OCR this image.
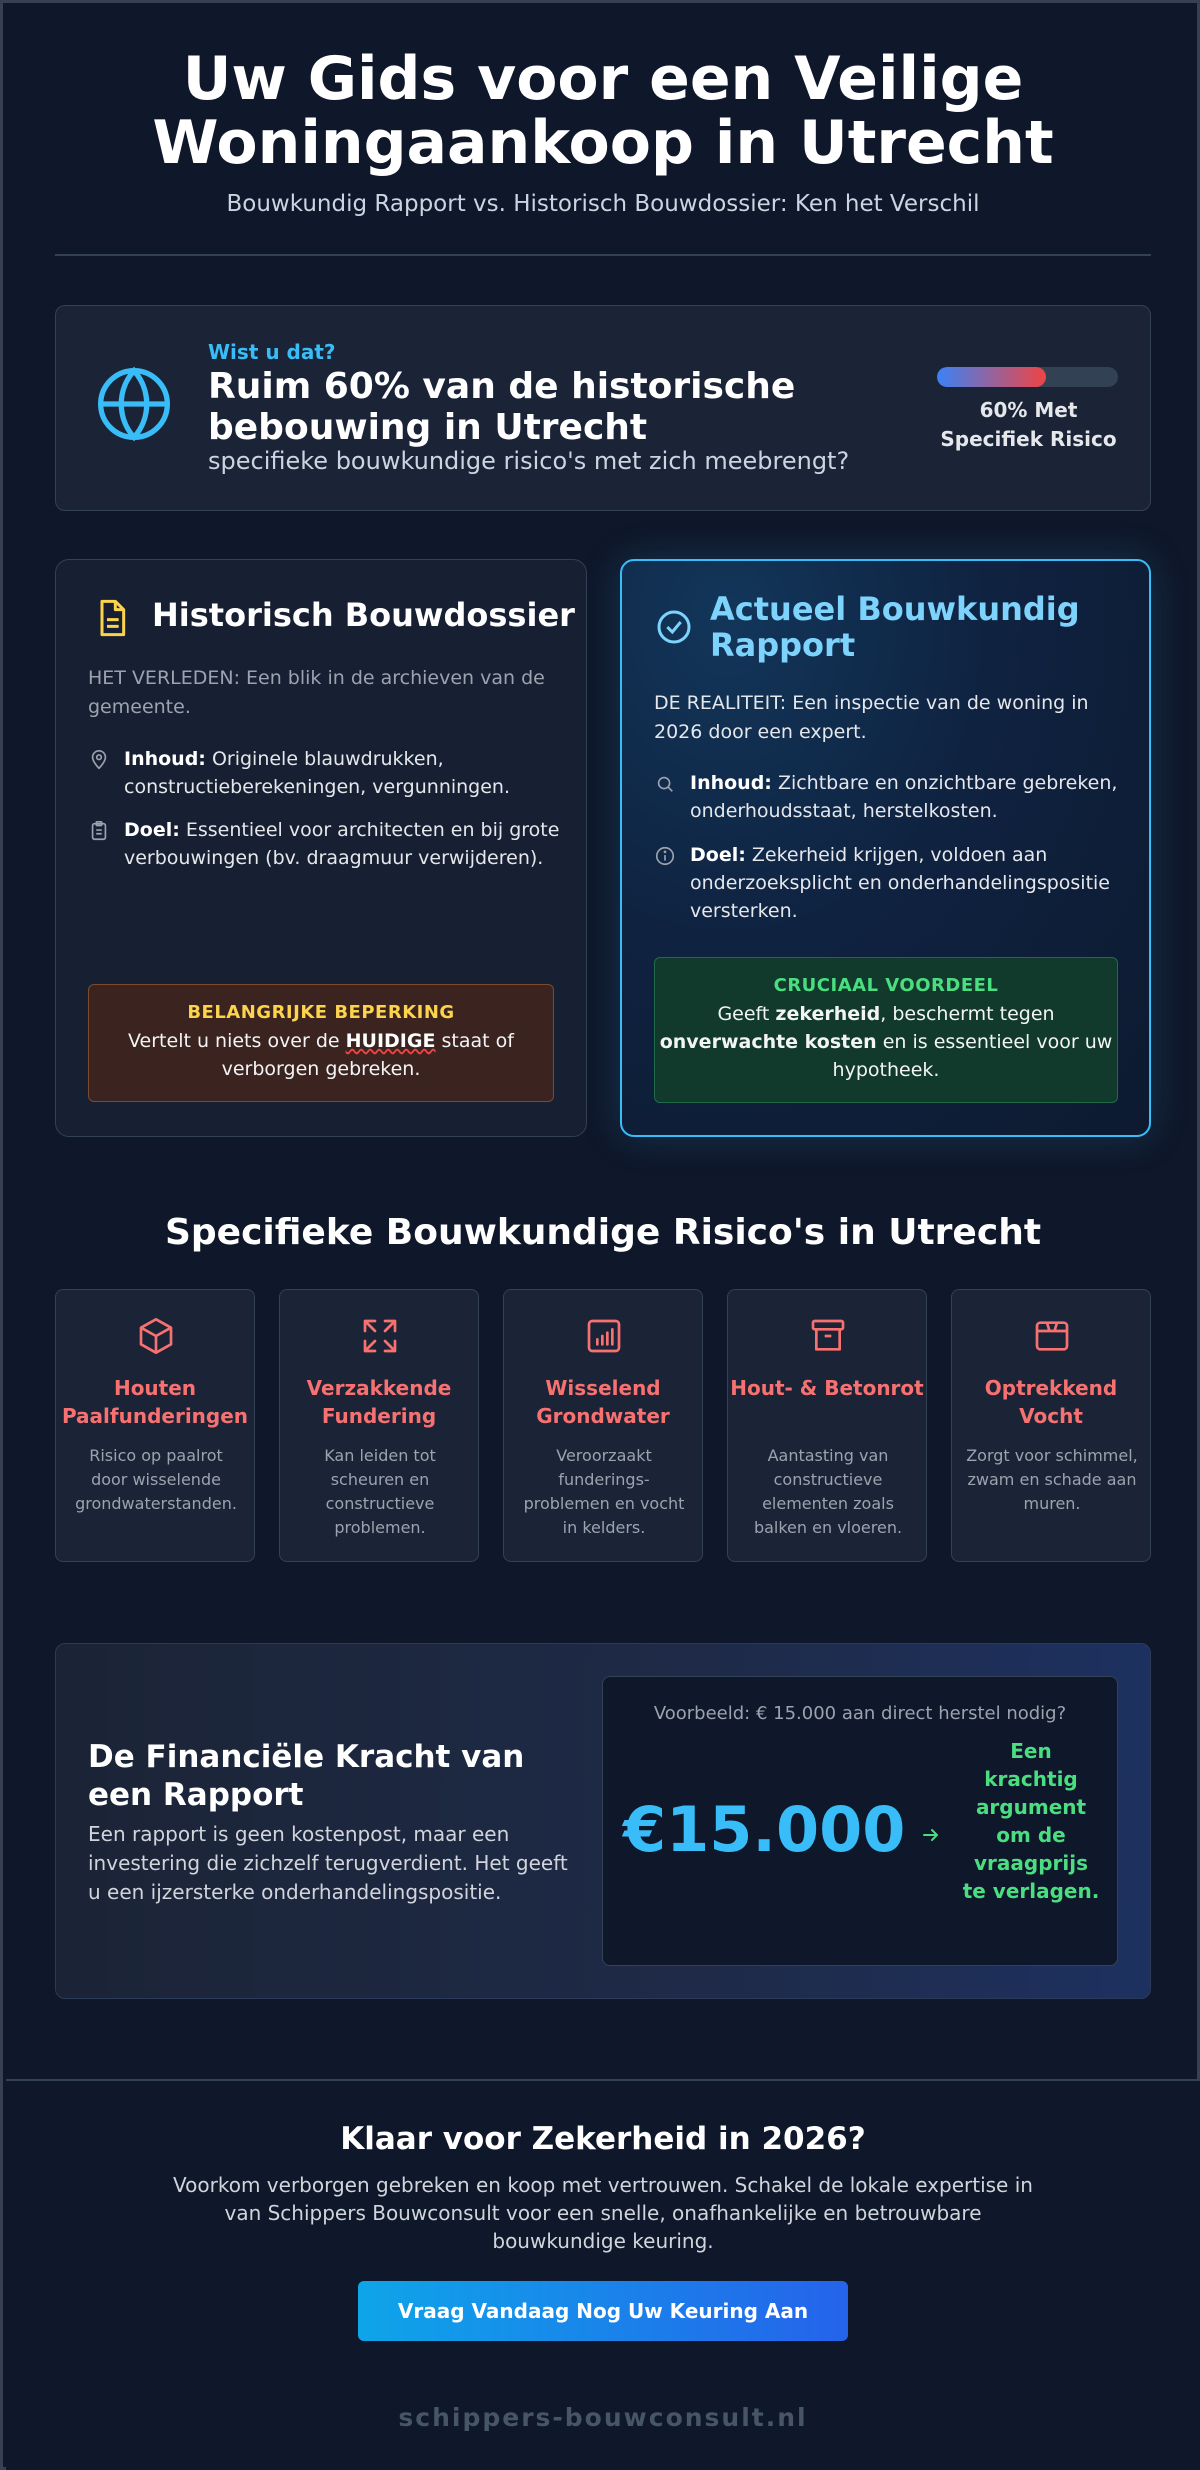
Uw Gids voor een Veilige Woningaankoop in Utrecht
Bouwkundig Rapport vs. Historisch Bouwdossier: Ken het Verschil
Wist u dat?
Ruim 60% van de historische bebouwing in Utrecht
specifieke bouwkundige risico's met zich meebrengt?
60% Met Specifiek Risico
Historisch Bouwdossier
HET VERLEDEN: Een blik in de archieven van de gemeente.
Inhoud: Originele blauwdrukken, constructieberekeningen, vergunningen.
Doel: Essentieel voor architecten en bij grote verbouwingen (bv. draagmuur verwijderen).
BELANGRIJKE BEPERKING
Vertelt u niets over de HUIDIGE staat of verborgen gebreken.
Actueel Bouwkundig Rapport
DE REALITEIT: Een inspectie van de woning in 2026 door een expert.
Inhoud: Zichtbare en onzichtbare gebreken, onderhoudsstaat, herstelkosten.
Doel: Zekerheid krijgen, voldoen aan onderzoeksplicht en onderhandelingspositie versterken.
CRUCIAAL VOORDEEL
Geeft zekerheid, beschermt tegen onverwachte kosten en is essentieel voor uw hypotheek.
Specifieke Bouwkundige Risico's in Utrecht
Houten Paalfunderingen
Risico op paalrot door wisselende grondwaterstanden.
Verzakkende Fundering
Kan leiden tot scheuren en constructieve problemen.
Wisselend Grondwater
Veroorzaakt funderings-problemen en vocht in kelders.
Hout- & Betonrot
Aantasting van constructieve elementen zoals balken en vloeren.
Optrekkend Vocht
Zorgt voor schimmel, zwam en schade aan muren.
De Financiële Kracht van een Rapport
Een rapport is geen kostenpost, maar een investering die zichzelf terugverdient. Het geeft u een ijzersterke onderhandelingspositie.
Voorbeeld: € 15.000 aan direct herstel nodig?
€15.000
Een krachtig argument om de vraagprijs te verlagen.
Klaar voor Zekerheid in 2026?
Voorkom verborgen gebreken en koop met vertrouwen. Schakel de lokale expertise in van Schippers Bouwconsult voor een snelle, onafhankelijke en betrouwbare bouwkundige keuring.
Vraag Vandaag Nog Uw Keuring Aan
schippers-bouwconsult.nl
